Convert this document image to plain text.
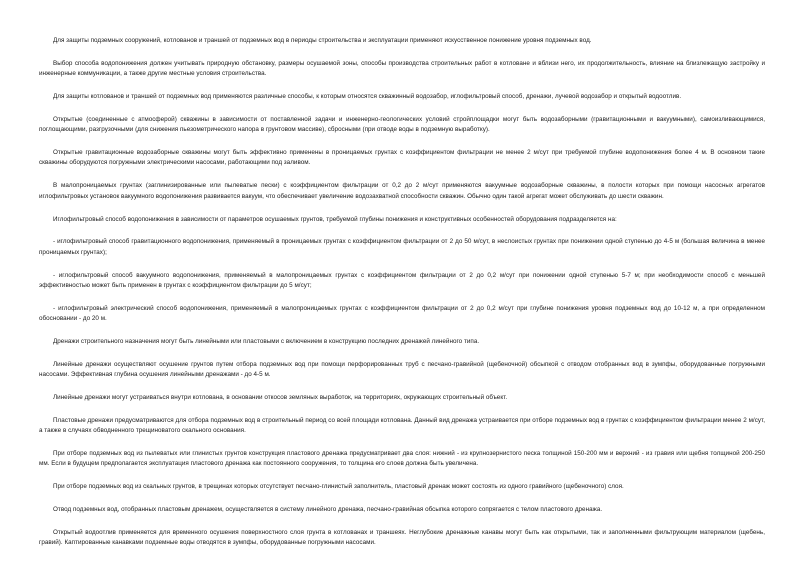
Для защиты подземных сооружений, котлованов и траншей от подземных вод в периоды строительства и эксплуатации применяют искусственное понижение уровня подземных вод.

Выбор способа водопонижения должен учитывать природную обстановку, размеры осушаемой зоны, способы производства строительных работ в котловане и вблизи него, их продолжительность, влияние на близлежащую застройку и инженерные коммуникации, а также другие местные условия строительства.

Для защиты котлованов и траншей от подземных вод применяются различные способы, к которым относятся скважинный водозабор, иглофильтровый способ, дренажи, лучевой водозабор и открытый водоотлив.

Открытые (соединенные с атмосферой) скважины в зависимости от поставленной задачи и инженерно-геологических условий стройплощадки могут быть водозаборными (гравитационными и вакуумными), самоизливающимися, поглощающими, разгрузочными (для снижения пьезометрического напора в грунтовом массиве), сбросными (при отводе воды в подземную выработку).

Открытые гравитационные водозаборные скважины могут быть эффективно применены в проницаемых грунтах с коэффициентом фильтрации не менее 2 м/сут при требуемой глубине водопонижения более 4 м. В основном такие скважины оборудуются погружными электрическими насосами, работающими под заливом.

В малопроницаемых грунтах (заглинизированные или пылеватые пески) с коэффициентом фильтрации от 0,2 до 2 м/сут применяются вакуумные водозаборные скважины, в полости которых при помощи насосных агрегатов иглофильтровых установок вакуумного водопонижения развивается вакуум, что обеспечивает увеличение водозахватной способности скважин. Обычно один такой агрегат может обслуживать до шести скважин.

Иглофильтровый способ водопонижения в зависимости от параметров осушаемых грунтов, требуемой глубины понижения и конструктивных особенностей оборудования подразделяется на:

- иглофильтровый способ гравитационного водопонижения, применяемый в проницаемых грунтах с коэффициентом фильтрации от 2 до 50 м/сут, в неслоистых грунтах при понижении одной ступенью до 4-5 м (большая величина в менее проницаемых грунтах);

- иглофильтровый способ вакуумного водопонижения, применяемый в малопроницаемых грунтах с коэффициентом фильтрации от 2 до 0,2 м/сут при понижении одной ступенью 5-7 м; при необходимости способ с меньшей эффективностью может быть применен в грунтах с коэффициентом фильтрации до 5 м/сут;

- иглофильтровый электрический способ водопонижения, применяемый в малопроницаемых грунтах с коэффициентом фильтрации от 2 до 0,2 м/сут при глубине понижения уровня подземных вод до 10-12 м, а при определенном обосновании - до 20 м.

Дренажи строительного назначения могут быть линейными или пластовыми с включением в конструкцию последних дренажей линейного типа.

Линейные дренажи осуществляют осушение грунтов путем отбора подземных вод при помощи перфорированных труб с песчано-гравийной (щебеночной) обсыпкой с отводом отобранных вод в зумпфы, оборудованные погружными насосами. Эффективная глубина осушения линейными дренажами - до 4-5 м.

Линейные дренажи могут устраиваться внутри котлована, в основании откосов земляных выработок, на территориях, окружающих строительный объект.

Пластовые дренажи предусматриваются для отбора подземных вод в строительный период со всей площади котлована. Данный вид дренажа устраивается при отборе подземных вод в грунтах с коэффициентом фильтрации менее 2 м/сут, а также в случаях обводненного трещиноватого скального основания.

При отборе подземных вод из пылеватых или глинистых грунтов конструкция пластового дренажа предусматривает два слоя: нижний - из крупнозернистого песка толщиной 150-200 мм и верхний - из гравия или щебня толщиной 200-250 мм. Если в будущем предполагается эксплуатация пластового дренажа как постоянного сооружения, то толщина его слоев должна быть увеличена.

При отборе подземных вод из скальных грунтов, в трещинах которых отсутствует песчано-глинистый заполнитель, пластовый дренаж может состоять из одного гравийного (щебеночного) слоя.

Отвод подземных вод, отобранных пластовым дренажем, осуществляется в систему линейного дренажа, песчано-гравийная обсыпка которого сопрягается с телом пластового дренажа.

Открытый водоотлив применяется для временного осушения поверхностного слоя грунта в котлованах и траншеях. Неглубокие дренажные канавы могут быть как открытыми, так и заполненными фильтрующим материалом (щебень, гравий). Каптированные канавками подземные воды отводятся в зумпфы, оборудованные погружными насосами.
